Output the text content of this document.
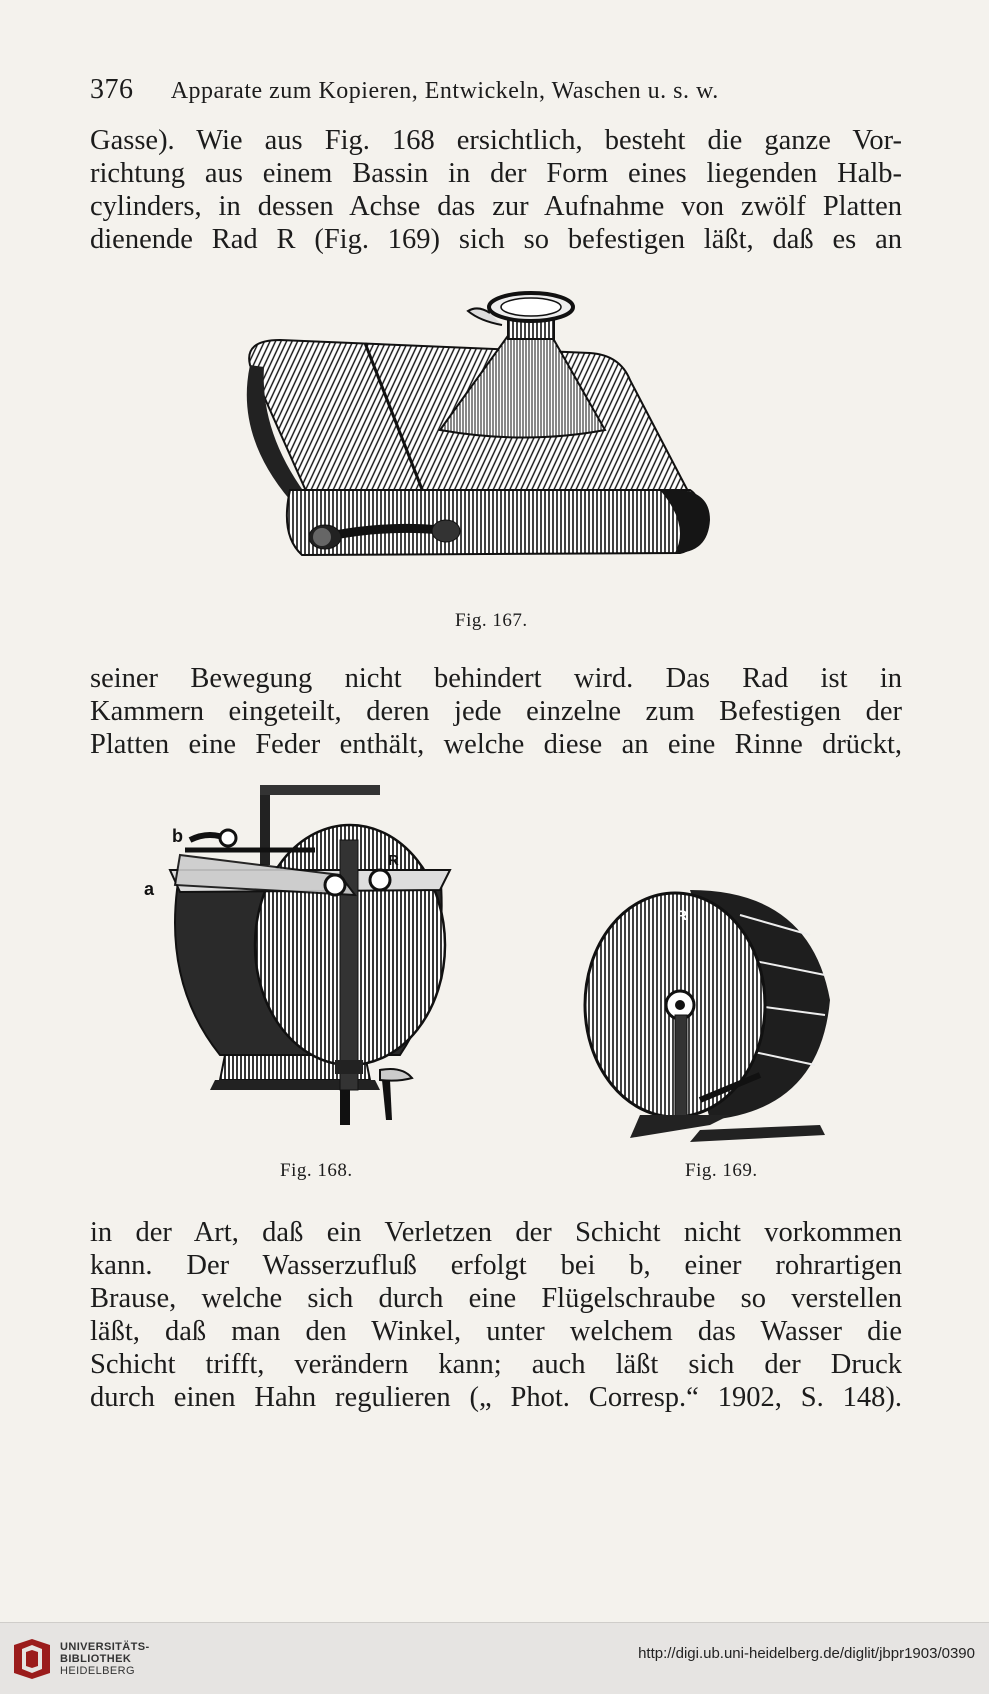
376 Apparate zum Kopieren, Entwickeln, Waschen u. s. w.
Gasse). Wie aus Fig. 168 ersichtlich, besteht die ganze Vor-
richtung aus einem Bassin in der Form eines liegenden Halb-
cylinders, in dessen Achse das zur Aufnahme von zwölf Platten
dienende Rad R (Fig. 169) sich so befestigen läßt, daß es an
Fig. 167.
seiner Bewegung nicht behindert wird. Das Rad ist in
Kammern eingeteilt, deren jede einzelne zum Befestigen der
Platten eine Feder enthält, welche diese an eine Rinne drückt,
b
a
R
Fig. 168.
R
Fig. 169.
in der Art, daß ein Verletzen der Schicht nicht vorkommen
kann. Der Wasserzufluß erfolgt bei b, einer rohrartigen
Brause, welche sich durch eine Flügelschraube so verstellen
läßt, daß man den Winkel, unter welchem das Wasser die
Schicht trifft, verändern kann; auch läßt sich der Druck
durch einen Hahn regulieren („ Phot. Corresp.“ 1902, S. 148).
UNIVERSITÄTS-
BIBLIOTHEK
HEIDELBERG
http://digi.ub.uni-heidelberg.de/diglit/jbpr1903/0390
